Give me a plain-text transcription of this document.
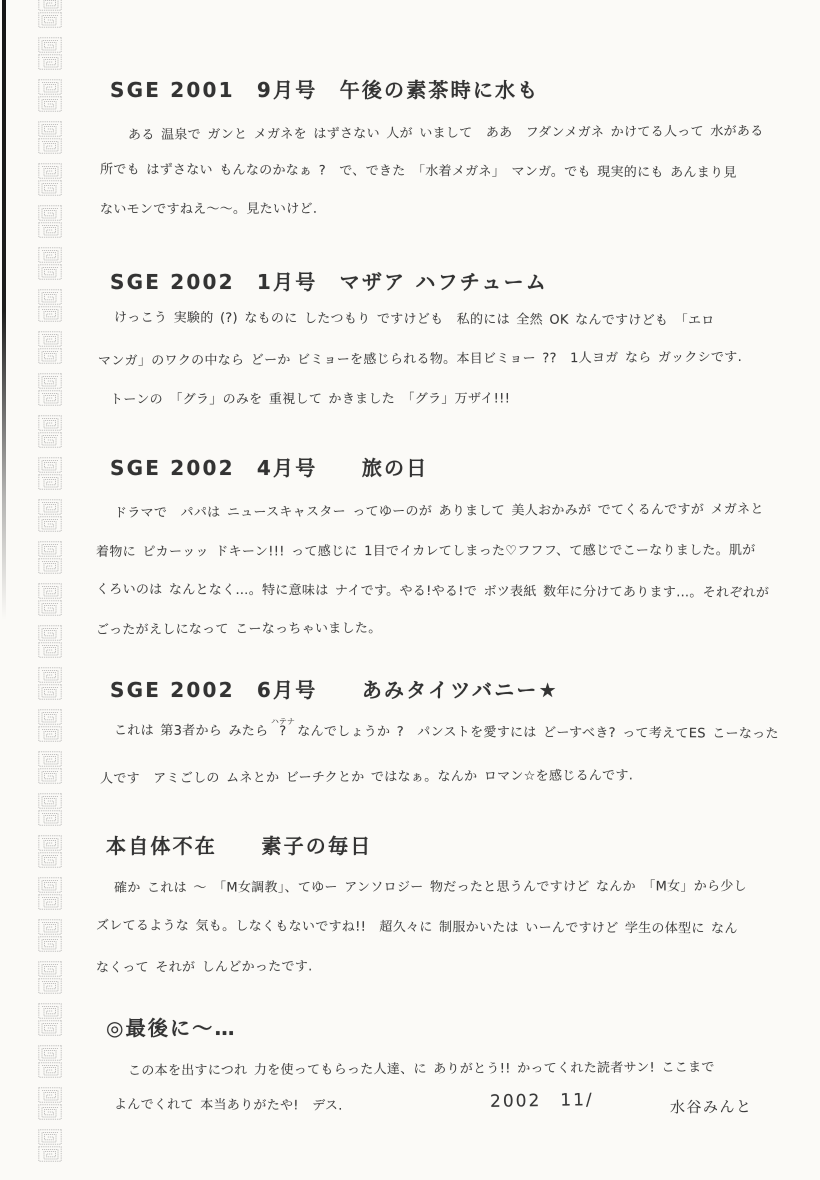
SGE 2001　9月号　午後の素茶時に水も

ある 温泉で ガンと メガネを はずさない 人が いまして　ああ　フダンメガネ かけてる人って 水がある

所でも はずさない もんなのかなぁ ?　で、できた 「水着メガネ」 マンガ。でも 現実的にも あんまり見

ないモンですねえ〜〜。見たいけど.

SGE 2002　1月号　マザア ハフチューム

けっこう 実験的 (?) なものに したつもり ですけども　私的には 全然 OK なんですけども 「エロ

マンガ」のワクの中なら どーか ビミョーを感じられる物。本目ビミョー ??　1人ヨガ なら ガックシです.

トーンの 「グラ」のみを 重視して かきました 「グラ」万ザイ!!!

SGE 2002　4月号　　旅の日

ドラマで　パパは ニュースキャスター ってゆーのが ありまして 美人おかみが でてくるんですが メガネと

着物に ピカーッッ ドキーン!!! って感じに 1目でイカレてしまった♡フフフ、て感じでこーなりました。肌が

くろいのは なんとなく…。特に意味は ナイです。やる!やる!で ボツ表紙 数年に分けてあります…。それぞれが

ごったがえしになって こーなっちゃいました。

SGE 2002　6月号　　あみタイツバニー★

これは 第3者から みたら ?ハテナ なんでしょうか ?　パンストを愛すには どーすべき? って考えてES こーなった

人です　アミごしの ムネとか ビーチクとか ではなぁ。なんか ロマン☆を感じるんです.

本自体不在　　素子の毎日

確か これは 〜 「M女調教」、てゆー アンソロジー 物だったと思うんですけど なんか 「M女」から少し

ズレてるような 気も。しなくもないですね!!　超久々に 制服かいたは いーんですけど 学生の体型に なん

なくって それが しんどかったです.

◎最後に〜…

この本を出すにつれ 力を使ってもらった人達、に ありがとう!! かってくれた読者サン! ここまで

よんでくれて 本当ありがたや!　デス.	2002　11/	水谷みんと
